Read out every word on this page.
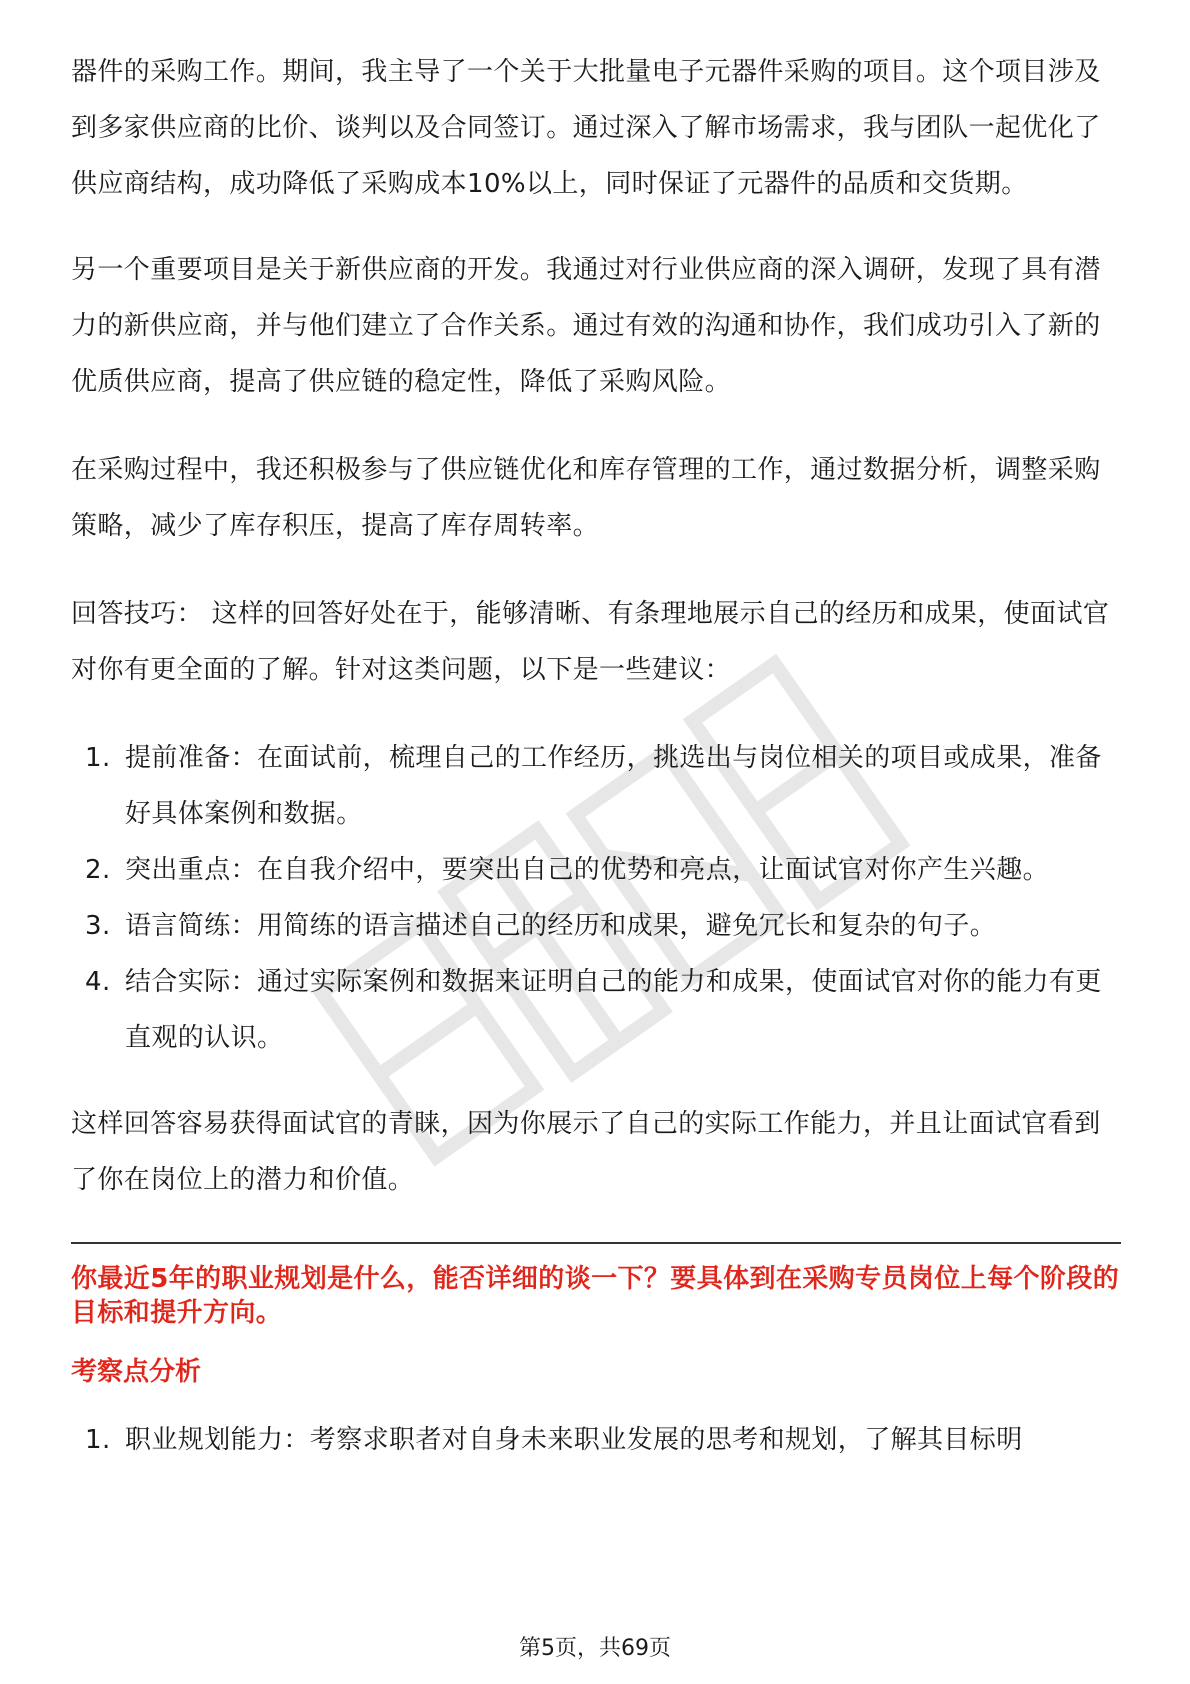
器件的采购工作。期间，我主导了一个关于大批量电子元器件采购的项目。这个项目涉及到多家供应商的比价、谈判以及合同签订。通过深入了解市场需求，我与团队一起优化了供应商结构，成功降低了采购成本10%以上，同时保证了元器件的品质和交货期。

另一个重要项目是关于新供应商的开发。我通过对行业供应商的深入调研，发现了具有潜力的新供应商，并与他们建立了合作关系。通过有效的沟通和协作，我们成功引入了新的优质供应商，提高了供应链的稳定性，降低了采购风险。

在采购过程中，我还积极参与了供应链优化和库存管理的工作，通过数据分析，调整采购策略，减少了库存积压，提高了库存周转率。

回答技巧： 这样的回答好处在于，能够清晰、有条理地展示自己的经历和成果，使面试官对你有更全面的了解。针对这类问题，以下是一些建议：

1. 提前准备：在面试前，梳理自己的工作经历，挑选出与岗位相关的项目或成果，准备好具体案例和数据。
2. 突出重点：在自我介绍中，要突出自己的优势和亮点，让面试官对你产生兴趣。
3. 语言简练：用简练的语言描述自己的经历和成果，避免冗长和复杂的句子。
4. 结合实际：通过实际案例和数据来证明自己的能力和成果，使面试官对你的能力有更直观的认识。

这样回答容易获得面试官的青睐，因为你展示了自己的实际工作能力，并且让面试官看到了你在岗位上的潜力和价值。

你最近5年的职业规划是什么，能否详细的谈一下？要具体到在采购专员岗位上每个阶段的目标和提升方向。

考察点分析
1. 职业规划能力：考察求职者对自身未来职业发展的思考和规划，了解其目标明
第5页，共69页
